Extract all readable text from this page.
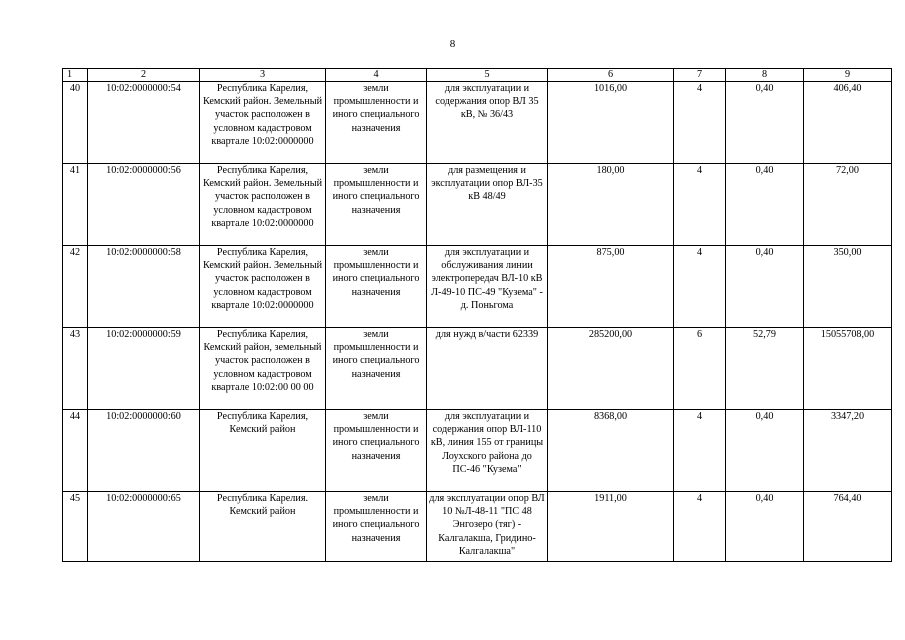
8
1	2	3	4	5	6	7	8	9
40	10:02:0000000:54	Республика Карелия, Кемский район. Земельный участок расположен в условном кадастровом квартале 10:02:0000000	земли промышленности и иного специального назначения	для эксплуатации и содержания опор ВЛ 35 кВ, № 36/43	1016,00	4	0,40	406,40
41	10:02:0000000:56	Республика Карелия, Кемский район. Земельный участок расположен в условном кадастровом квартале 10:02:0000000	земли промышленности и иного специального назначения	для размещения и эксплуатации опор ВЛ-35 кВ 48/49	180,00	4	0,40	72,00
42	10:02:0000000:58	Республика Карелия, Кемский район. Земельный участок расположен в условном кадастровом квартале 10:02:0000000	земли промышленности и иного специального назначения	для эксплуатации и обслуживания линии электропередач ВЛ-10 кВ Л-49-10 ПС-49 "Кузема" - д. Поньгома	875,00	4	0,40	350,00
43	10:02:0000000:59	Республика Карелия, Кемский район, земельный участок расположен в условном кадастровом квартале 10:02:00 00 00	земли промышленности и иного специального назначения	для нужд в/части 62339	285200,00	6	52,79	15055708,00
44	10:02:0000000:60	Республика Карелия, Кемский район	земли промышленности и иного специального назначения	для эксплуатации и содержания опор ВЛ-110 кВ, линия 155 от границы Лоухского района до ПС-46 "Кузема"	8368,00	4	0,40	3347,20
45	10:02:0000000:65	Республика Карелия. Кемский район	земли промышленности и иного специального назначения	для эксплуатации опор ВЛ 10 №Л-48-11 "ПС 48 Энгозеро (тяг) - Калгалакша, Гридино-Калгалакша"	1911,00	4	0,40	764,40
